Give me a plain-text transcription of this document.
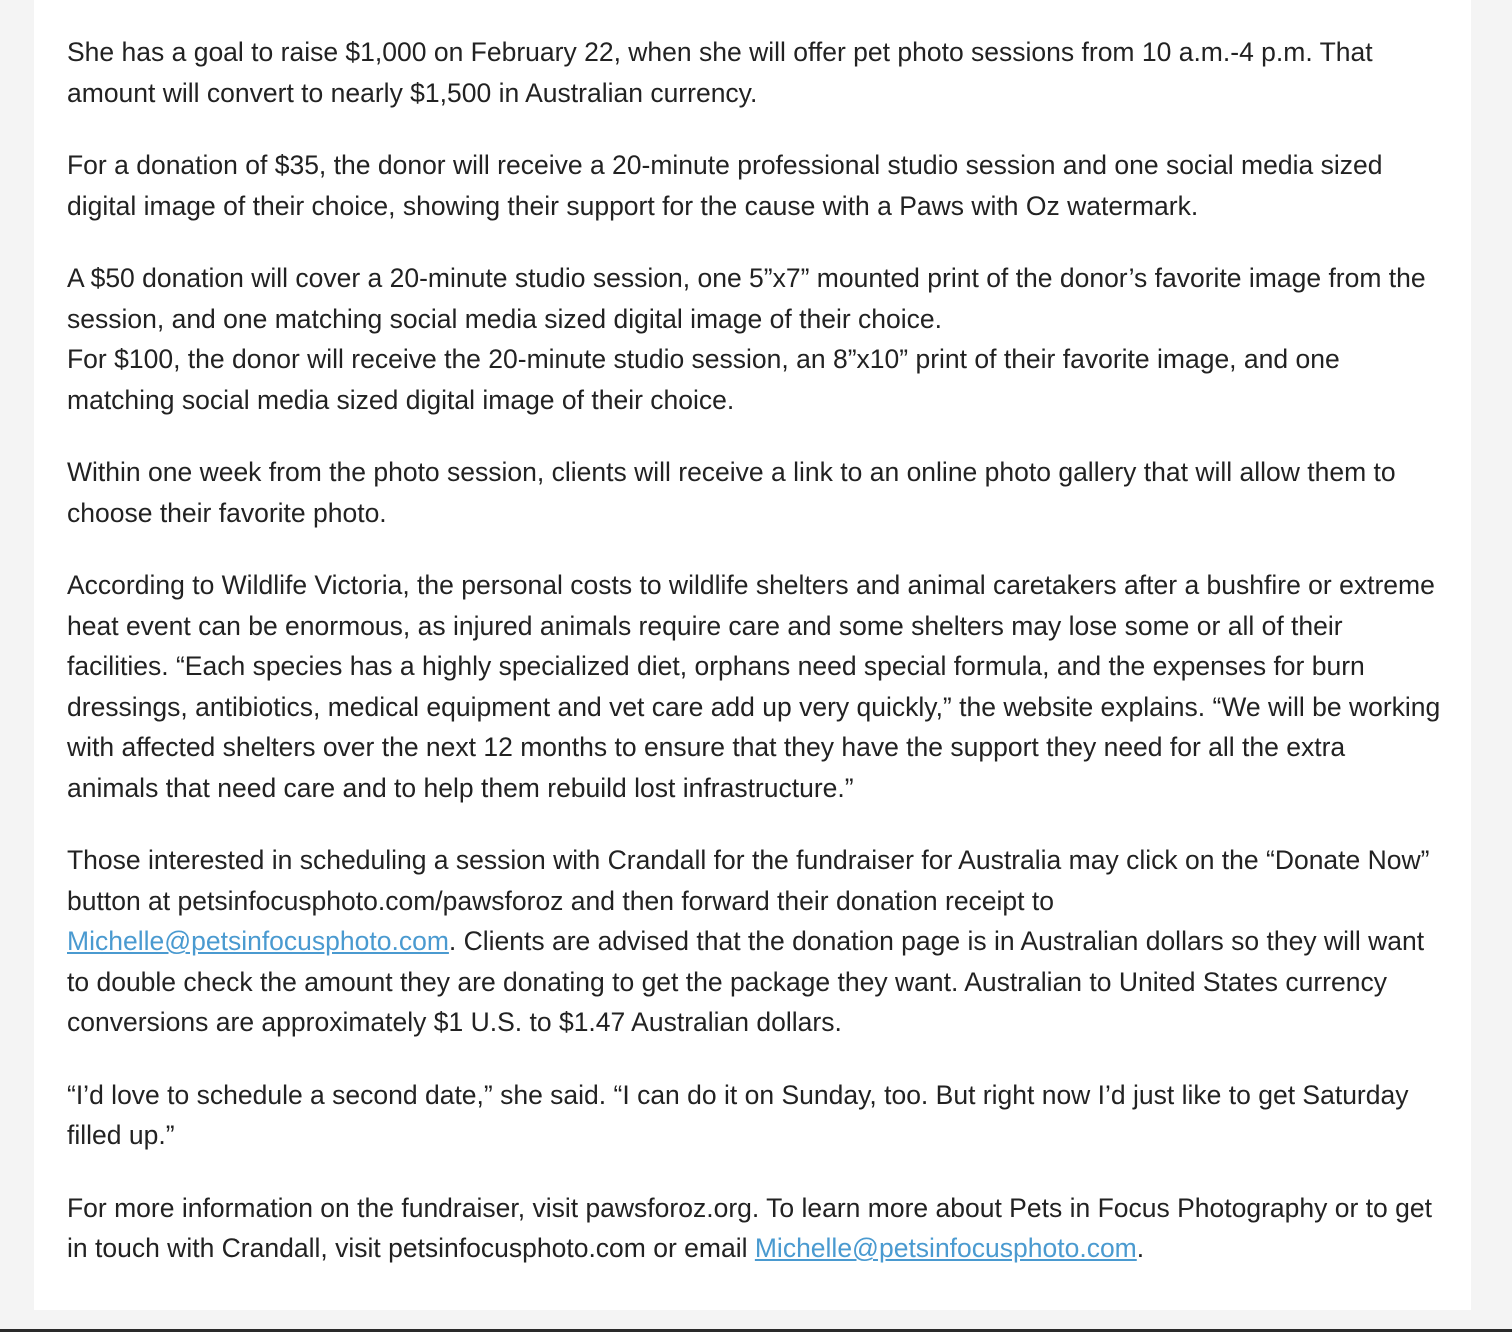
She has a goal to raise $1,000 on February 22, when she will offer pet photo sessions from 10 a.m.-4 p.m. That amount will convert to nearly $1,500 in Australian currency.

For a donation of $35, the donor will receive a 20-minute professional studio session and one social media sized digital image of their choice, showing their support for the cause with a Paws with Oz watermark.

A $50 donation will cover a 20-minute studio session, one 5”x7” mounted print of the donor’s favorite image from the session, and one matching social media sized digital image of their choice.

For $100, the donor will receive the 20-minute studio session, an 8”x10” print of their favorite image, and one matching social media sized digital image of their choice.

Within one week from the photo session, clients will receive a link to an online photo gallery that will allow them to choose their favorite photo.

According to Wildlife Victoria, the personal costs to wildlife shelters and animal caretakers after a bushfire or extreme heat event can be enormous, as injured animals require care and some shelters may lose some or all of their facilities. “Each species has a highly specialized diet, orphans need special formula, and the expenses for burn dressings, antibiotics, medical equipment and vet care add up very quickly,” the website explains. “We will be working with affected shelters over the next 12 months to ensure that they have the support they need for all the extra animals that need care and to help them rebuild lost infrastructure.”

Those interested in scheduling a session with Crandall for the fundraiser for Australia may click on the “Donate Now” button at petsinfocusphoto.com/pawsforoz and then forward their donation receipt to Michelle@petsinfocusphoto.com. Clients are advised that the donation page is in Australian dollars so they will want to double check the amount they are donating to get the package they want. Australian to United States currency conversions are approximately $1 U.S. to $1.47 Australian dollars.

“I’d love to schedule a second date,” she said. “I can do it on Sunday, too. But right now I’d just like to get Saturday filled up.”

For more information on the fundraiser, visit pawsforoz.org. To learn more about Pets in Focus Photography or to get in touch with Crandall, visit petsinfocusphoto.com or email Michelle@petsinfocusphoto.com.
